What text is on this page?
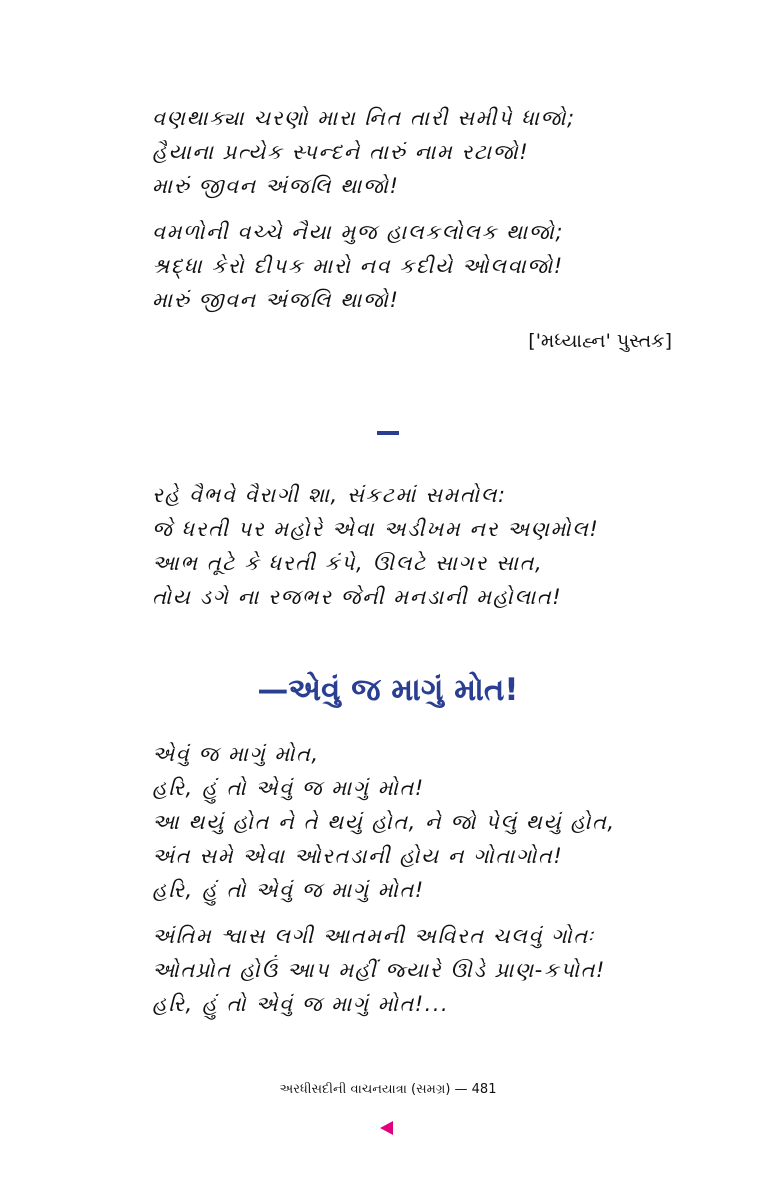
વણથાક્યા ચરણો મારા નિત તારી સમીપે ધાજો;
હૈયાના પ્રત્યેક સ્પન્દને તારું નામ રટાજો!
મારું જીવન અંજલિ થાજો!
વમળોની વચ્ચે નૈયા મુજ હાલકલોલક થાજો;
શ્રદ્ધા કેરો દીપક મારો નવ કદીયે ઓલવાજો!
મારું જીવન અંજલિ થાજો!
['મધ્યાહ્ન' પુસ્તક]
રહે વૈભવે વૈરાગી શા, સંકટમાં સમતોલ:
જે ધરતી પર મહોરે એવા અડીખમ નર અણમોલ!
આભ તૂટે કે ધરતી કંપે, ઊલટે સાગર સાત,
તોય ડગે ના રજભર જેની મનડાની મહોલાત!
—એવું જ માગું મોત!
એવું જ માગું મોત,
હરિ, હું તો એવું જ માગું મોત!
આ થયું હોત ને તે થયું હોત, ને જો પેલું થયું હોત,
અંત સમે એવા ઓરતડાની હોય ન ગોતાગોત!
હરિ, હું તો એવું જ માગું મોત!
અંતિમ શ્વાસ લગી આતમની અવિરત ચલવું ગોતઃ
ઓતપ્રોત હોઉં આપ મહીં જ્યારે ઊડે પ્રાણ-કપોત!
હરિ, હું તો એવું જ માગું મોત!...
અરધીસદીની વાચનયાત્રા (સમગ્ર) — 481
